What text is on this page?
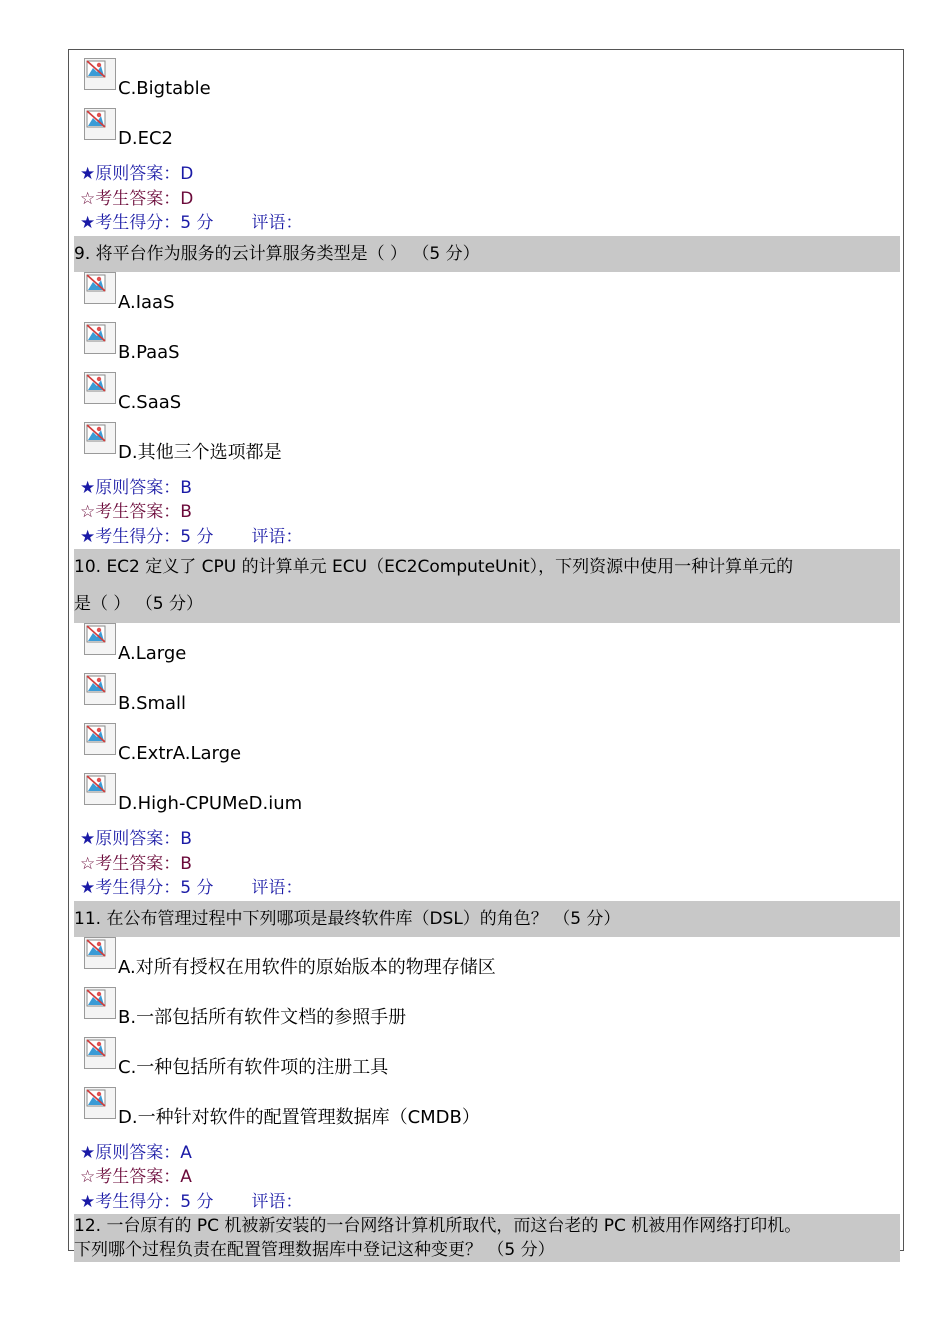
C.Bigtable
D.EC2
★原则答案：D
☆考生答案：D
★考生得分：5 分 评语：
9. 将平台作为服务的云计算服务类型是（ ） （5 分）
A.IaaS
B.PaaS
C.SaaS
D.其他三个选项都是
★原则答案：B
☆考生答案：B
★考生得分：5 分 评语：
10. EC2 定义了 CPU 的计算单元 ECU（EC2ComputeUnit），下列资源中使用一种计算单元的
是（ ） （5 分）
A.Large
B.Small
C.ExtrA.Large
D.High-CPUMeD.ium
★原则答案：B
☆考生答案：B
★考生得分：5 分 评语：
11. 在公布管理过程中下列哪项是最终软件库（DSL）的角色？ （5 分）
A.对所有授权在用软件的原始版本的物理存储区
B.一部包括所有软件文档的参照手册
C.一种包括所有软件项的注册工具
D.一种针对软件的配置管理数据库（CMDB）
★原则答案：A
☆考生答案：A
★考生得分：5 分 评语：
12. 一台原有的 PC 机被新安装的一台网络计算机所取代，而这台老的 PC 机被用作网络打印机。
下列哪个过程负责在配置管理数据库中登记这种变更？ （5 分）
